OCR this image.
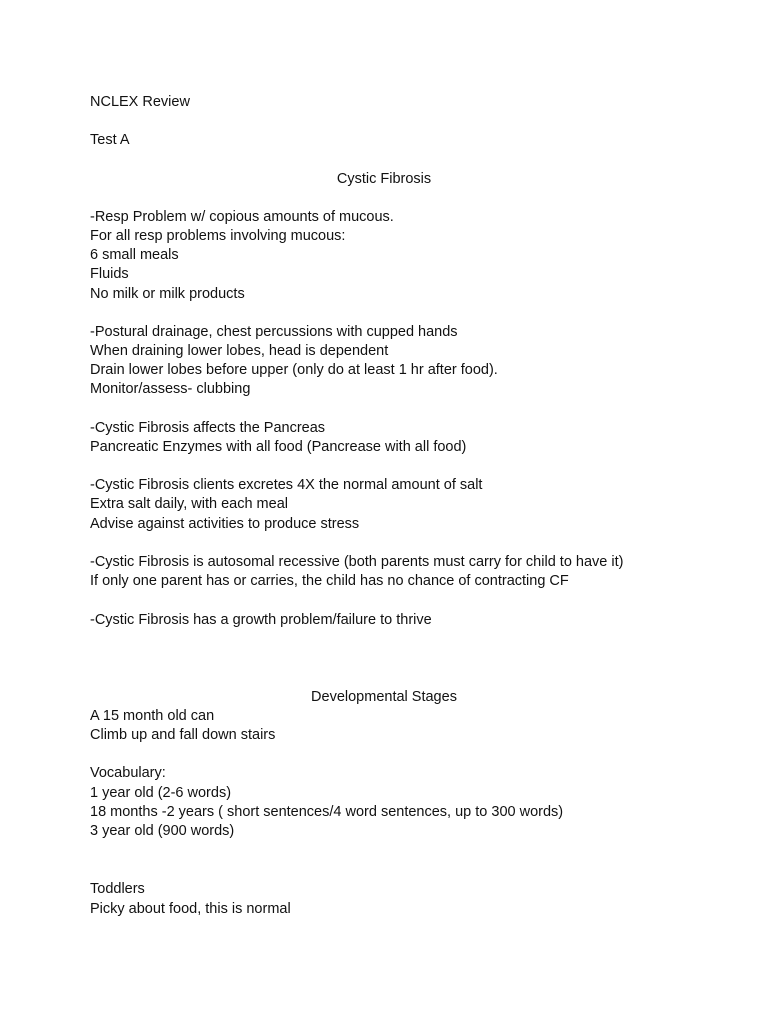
NCLEX Review
Test A
Cystic Fibrosis
-Resp Problem w/ copious amounts of mucous.
For all resp problems involving mucous:
6 small meals
Fluids
No milk or milk products
-Postural drainage, chest percussions with cupped hands
When draining lower lobes, head is dependent
Drain lower lobes before upper (only do at least 1 hr after food).
Monitor/assess- clubbing
-Cystic Fibrosis affects the Pancreas
Pancreatic Enzymes with all food (Pancrease with all food)
-Cystic Fibrosis clients excretes 4X the normal amount of salt
Extra salt daily, with each meal
Advise against activities to produce stress
-Cystic Fibrosis is autosomal recessive (both parents must carry for child to have it)
If only one parent has or carries, the child has no chance of contracting CF
-Cystic Fibrosis has a growth problem/failure to thrive
Developmental Stages
A 15 month old can
Climb up and fall down stairs
Vocabulary:
1 year old (2-6 words)
18 months -2 years ( short sentences/4 word sentences, up to 300 words)
3 year old (900 words)
Toddlers
Picky about food, this is normal
